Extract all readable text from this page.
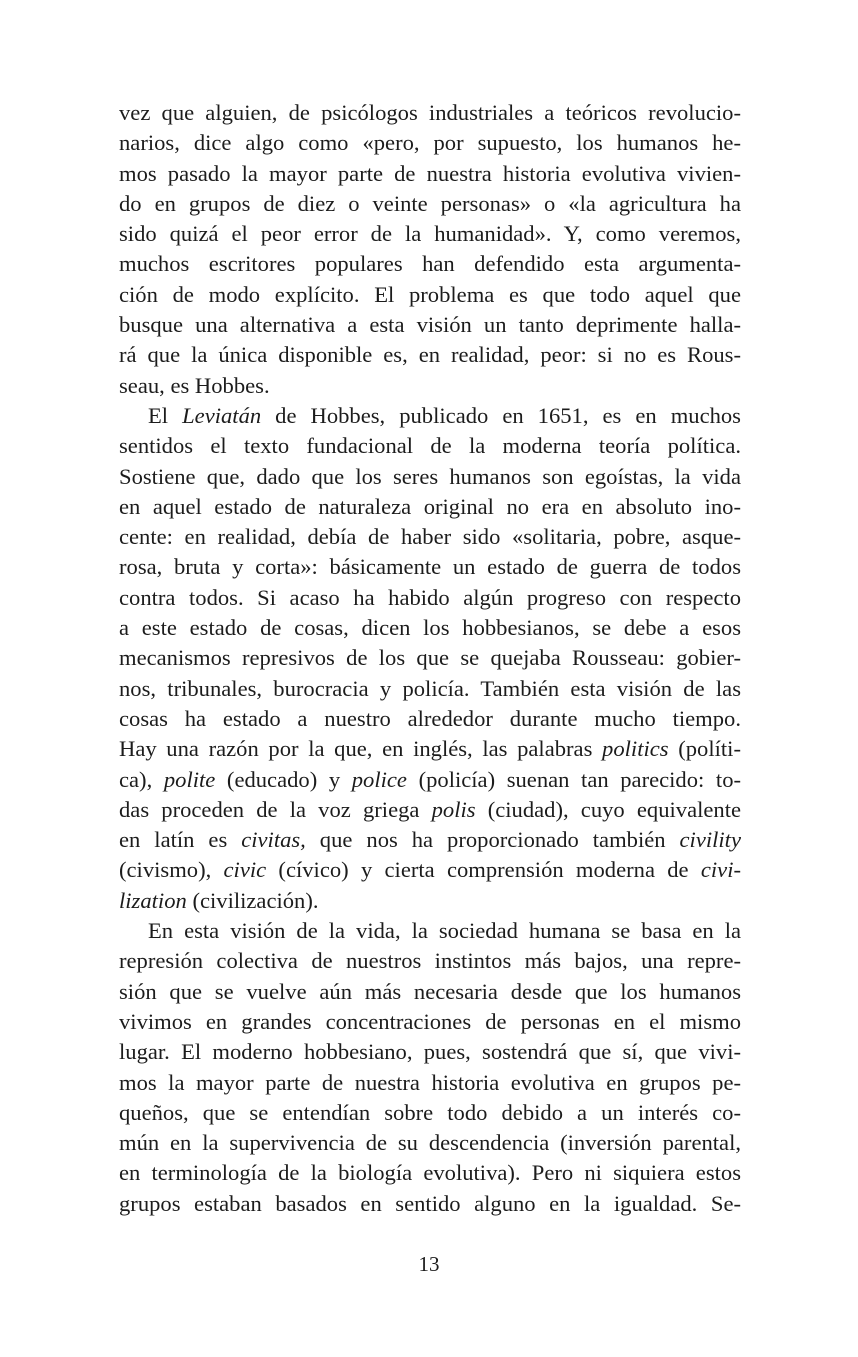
vez que alguien, de psicólogos industriales a teóricos revolucio-
narios, dice algo como «pero, por supuesto, los humanos he-
mos pasado la mayor parte de nuestra historia evolutiva vivien-
do en grupos de diez o veinte personas» o «la agricultura ha
sido quizá el peor error de la humanidad». Y, como veremos,
muchos escritores populares han defendido esta argumenta-
ción de modo explícito. El problema es que todo aquel que
busque una alternativa a esta visión un tanto deprimente halla-
rá que la única disponible es, en realidad, peor: si no es Rous-
seau, es Hobbes.
El Leviatán de Hobbes, publicado en 1651, es en muchos
sentidos el texto fundacional de la moderna teoría política.
Sostiene que, dado que los seres humanos son egoístas, la vida
en aquel estado de naturaleza original no era en absoluto ino-
cente: en realidad, debía de haber sido «solitaria, pobre, asque-
rosa, bruta y corta»: básicamente un estado de guerra de todos
contra todos. Si acaso ha habido algún progreso con respecto
a este estado de cosas, dicen los hobbesianos, se debe a esos
mecanismos represivos de los que se quejaba Rousseau: gobier-
nos, tribunales, burocracia y policía. También esta visión de las
cosas ha estado a nuestro alrededor durante mucho tiempo.
Hay una razón por la que, en inglés, las palabras politics (políti-
ca), polite (educado) y police (policía) suenan tan parecido: to-
das proceden de la voz griega polis (ciudad), cuyo equivalente
en latín es civitas, que nos ha proporcionado también civility
(civismo), civic (cívico) y cierta comprensión moderna de civi-
lization (civilización).
En esta visión de la vida, la sociedad humana se basa en la
represión colectiva de nuestros instintos más bajos, una repre-
sión que se vuelve aún más necesaria desde que los humanos
vivimos en grandes concentraciones de personas en el mismo
lugar. El moderno hobbesiano, pues, sostendrá que sí, que vivi-
mos la mayor parte de nuestra historia evolutiva en grupos pe-
queños, que se entendían sobre todo debido a un interés co-
mún en la supervivencia de su descendencia (inversión parental,
en terminología de la biología evolutiva). Pero ni siquiera estos
grupos estaban basados en sentido alguno en la igualdad. Se-
13
